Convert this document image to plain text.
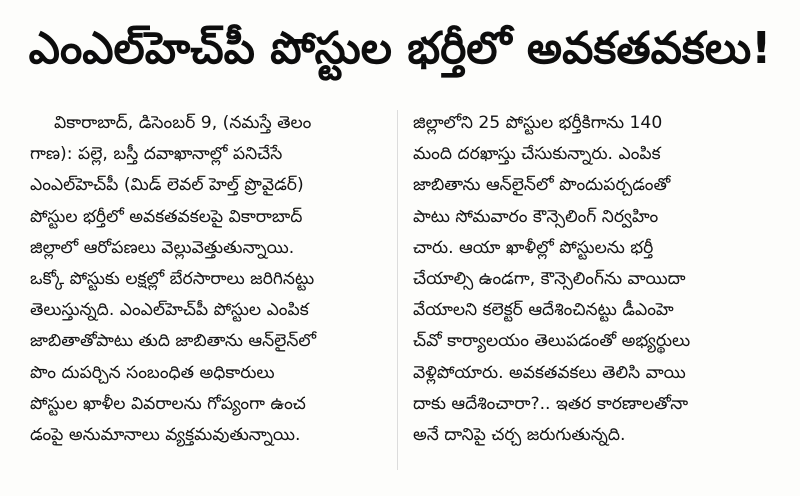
ఎంఎల్‌హెచ్‌పీ పోస్టుల భర్తీలో అవకతవకలు!
వికారాబాద్‌, డిసెంబర్‌ 9, (నమస్తే తెలం
గాణ): పల్లె, బస్తీ దవాఖానాల్లో పనిచేసే
ఎంఎల్‌హెచ్‌పీ (మిడ్‌ లెవల్‌ హెల్త్‌ ప్రొవైడర్‌)
పోస్టుల భర్తీలో అవకతవకలపై వికారాబాద్‌
జిల్లాలో ఆరోపణలు వెల్లువెత్తుతున్నాయి.
ఒక్కో పోస్టుకు లక్షల్లో బేరసారాలు జరిగినట్టు
తెలుస్తున్నది. ఎంఎల్‌హెచ్‌పీ పోస్టుల ఎంపిక
జాబితాతోపాటు తుది జాబితాను ఆన్‌లైన్‌లో
పొం దుపర్చిన సంబంధిత అధికారులు
పోస్టుల ఖాళీల వివరాలను గోప్యంగా ఉంచ
డంపై అనుమానాలు వ్యక్తమవుతున్నాయి.
జిల్లాలోని 25 పోస్టుల భర్తీకిగాను 140
మంది దరఖాస్తు చేసుకున్నారు. ఎంపిక
జాబితాను ఆన్‌లైన్‌లో పొందుపర్చడంతో
పాటు సోమవారం కౌన్సెలింగ్‌ నిర్వహిం
చారు. ఆయా ఖాళీల్లో పోస్టులను భర్తీ
చేయాల్సి ఉండగా, కౌన్సెలింగ్‌ను వాయిదా
వేయాలని కలెక్టర్‌ ఆదేశించినట్టు డీఎంహె
చ్‌వో కార్యాలయం తెలుపడంతో అభ్యర్థులు
వెళ్లిపోయారు. అవకతవకలు తెలిసి వాయి
దాకు ఆదేశించారా?.. ఇతర కారణాలతోనా
అనే దానిపై చర్చ జరుగుతున్నది.
